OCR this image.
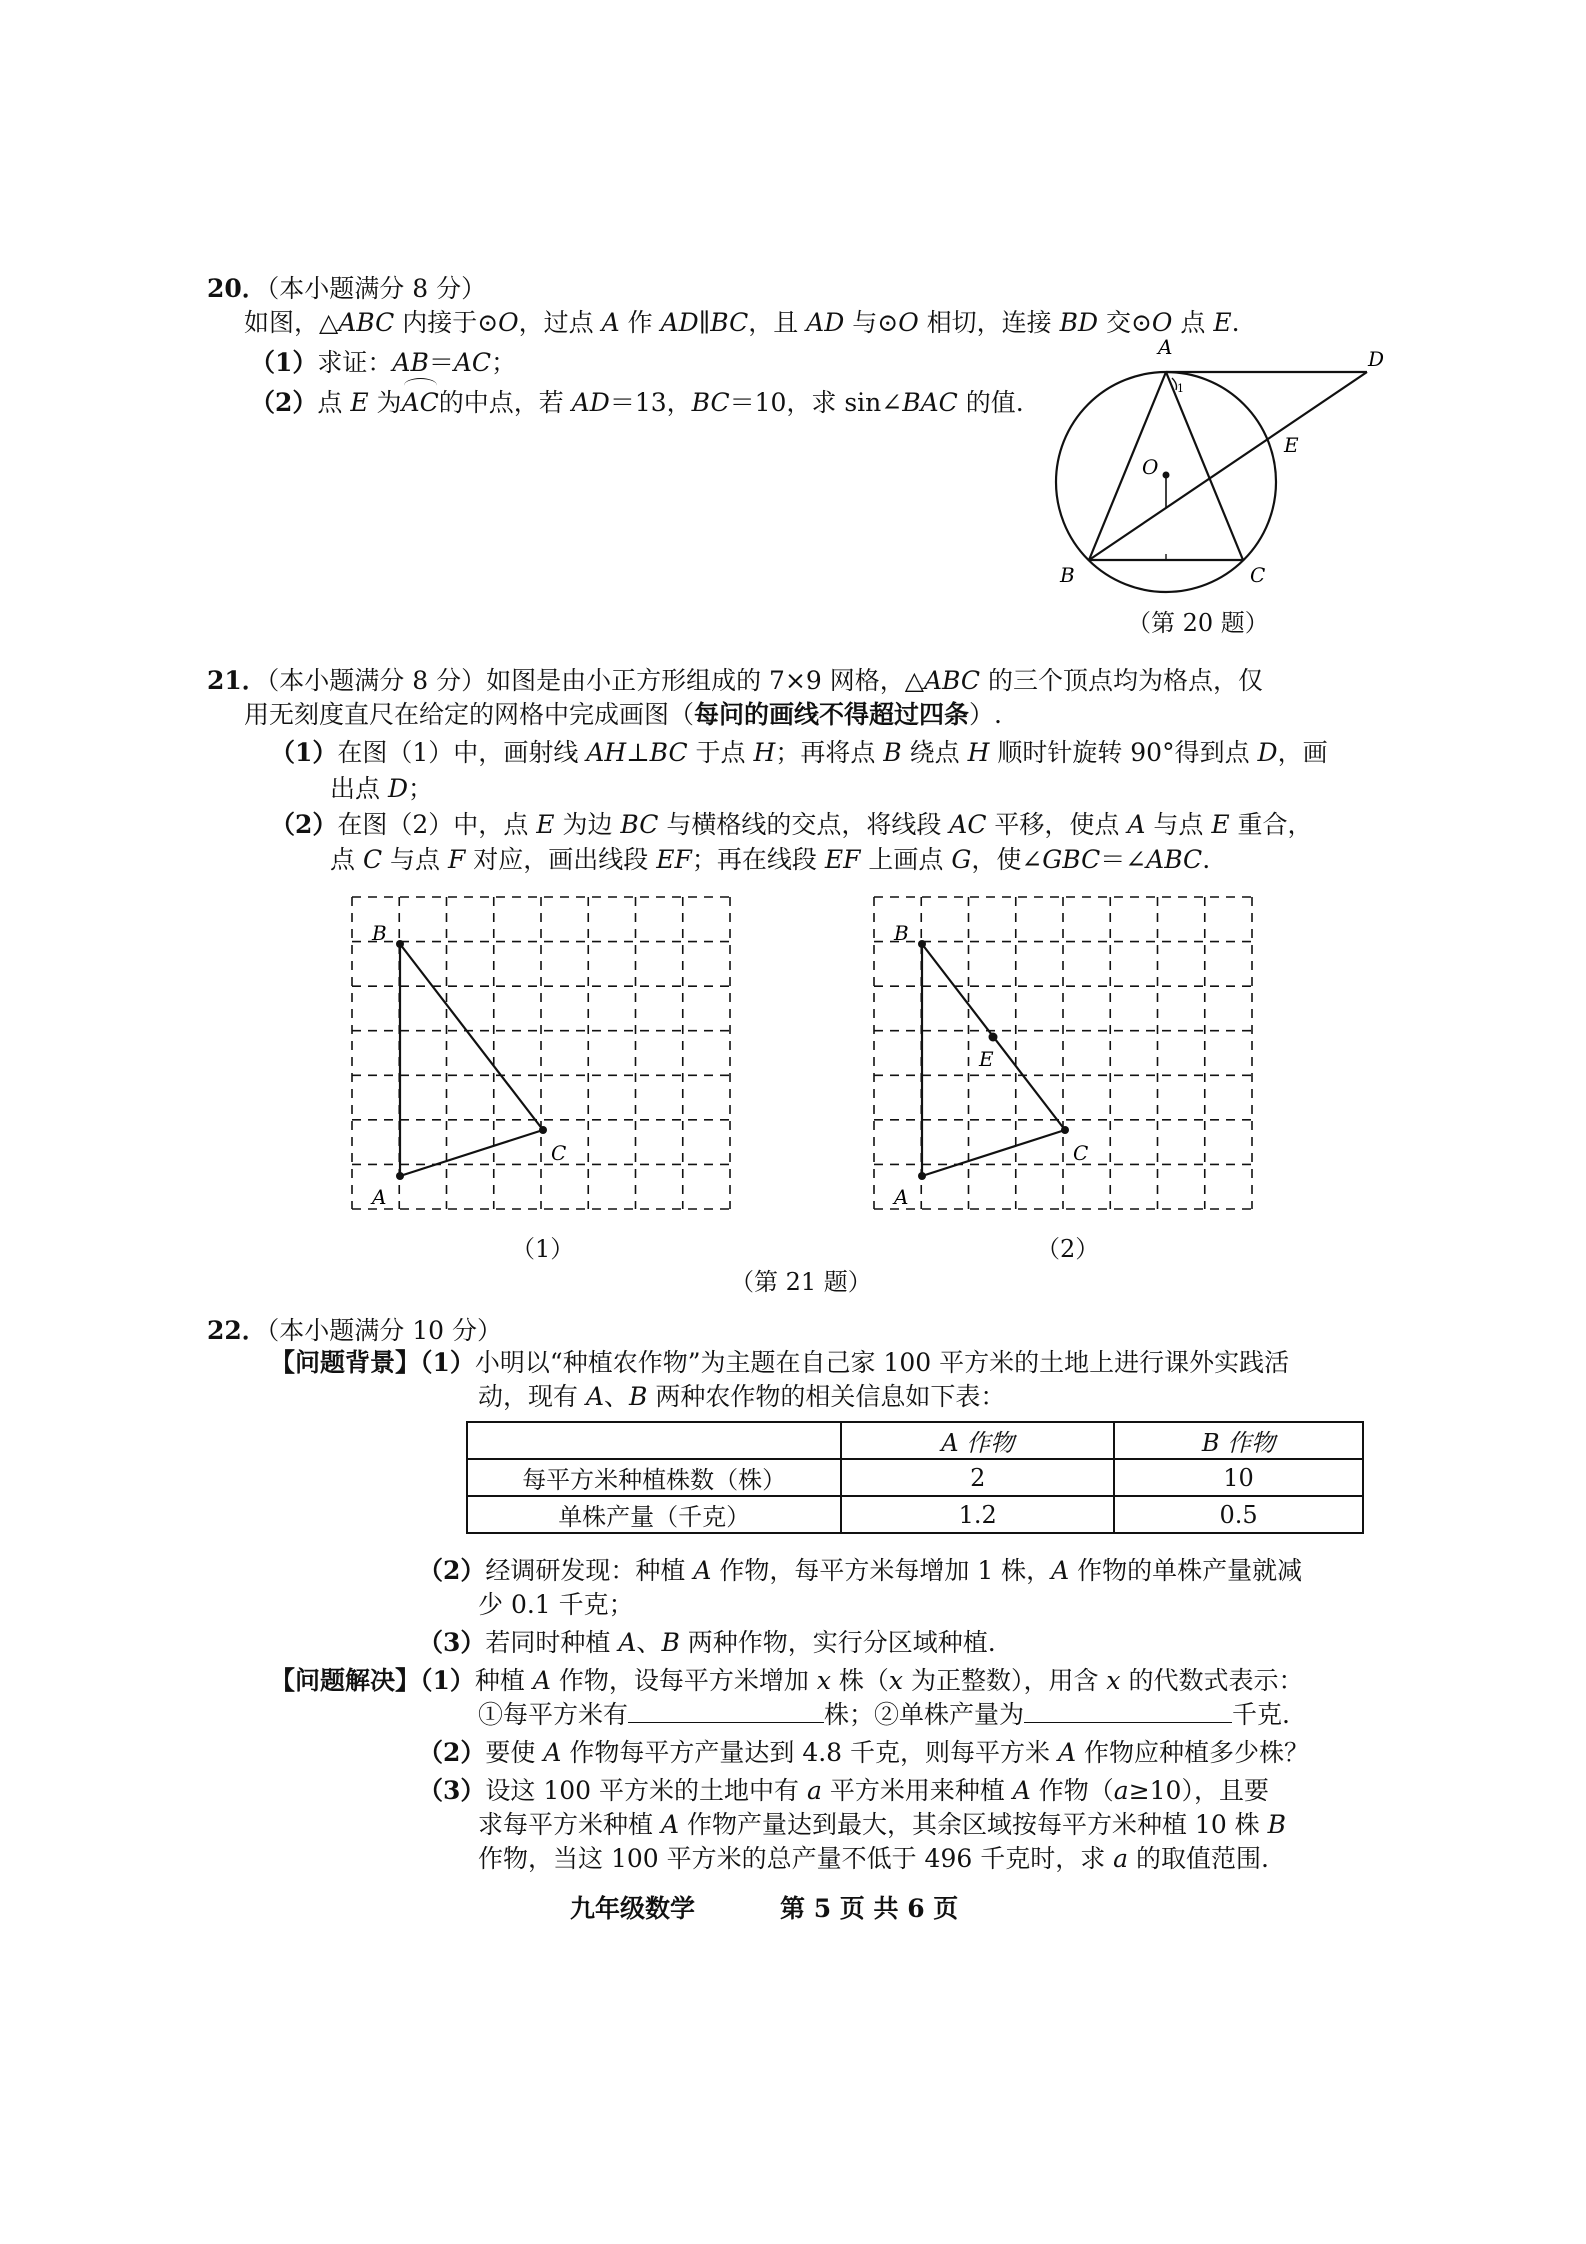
20．（本小题满分 8 分）
如图，△ABC 内接于⊙O，过点 A 作 AD∥BC，且 AD 与⊙O 相切，连接 BD 交⊙O 点 E.
（1）求证：AB＝AC；
（2）点 E 为AC的中点，若 AD＝13，BC＝10，求 sin∠BAC 的值.
A	D
E
O
B	C
1
（第 20 题）
21．（本小题满分 8 分）如图是由小正方形组成的 7×9 网格，△ABC 的三个顶点均为格点，仅
用无刻度直尺在给定的网格中完成画图（每问的画线不得超过四条）.
（1）在图（1）中，画射线 AH⊥BC 于点 H；再将点 B 绕点 H 顺时针旋转 90°得到点 D，画
出点 D；
（2）在图（2）中，点 E 为边 BC 与横格线的交点，将线段 AC 平移，使点 A 与点 E 重合，
点 C 与点 F 对应，画出线段 EF；再在线段 EF 上画点 G，使∠GBC＝∠ABC.
B
A
C
B
A
C
E
（1）	（2）
（第 21 题）
22．（本小题满分 10 分）
【问题背景】（1）小明以“种植农作物”为主题在自己家 100 平方米的土地上进行课外实践活
动，现有 A、B 两种农作物的相关信息如下表：
	A 作物	B 作物
每平方米种植株数（株）	2	10
单株产量（千克）	1.2	0.5
（2）经调研发现：种植 A 作物，每平方米每增加 1 株，A 作物的单株产量就减
少 0.1 千克；
（3）若同时种植 A、B 两种作物，实行分区域种植.
【问题解决】（1）种植 A 作物，设每平方米增加 x 株（x 为正整数），用含 x 的代数式表示：
①每平方米有	株；②单株产量为	千克.
（2）要使 A 作物每平方产量达到 4.8 千克，则每平方米 A 作物应种植多少株？
（3）设这 100 平方米的土地中有 a 平方米用来种植 A 作物（a≥10），且要
求每平方米种植 A 作物产量达到最大，其余区域按每平方米种植 10 株 B
作物，当这 100 平方米的总产量不低于 496 千克时，求 a 的取值范围.
九年级数学	第 5 页 共 6 页
